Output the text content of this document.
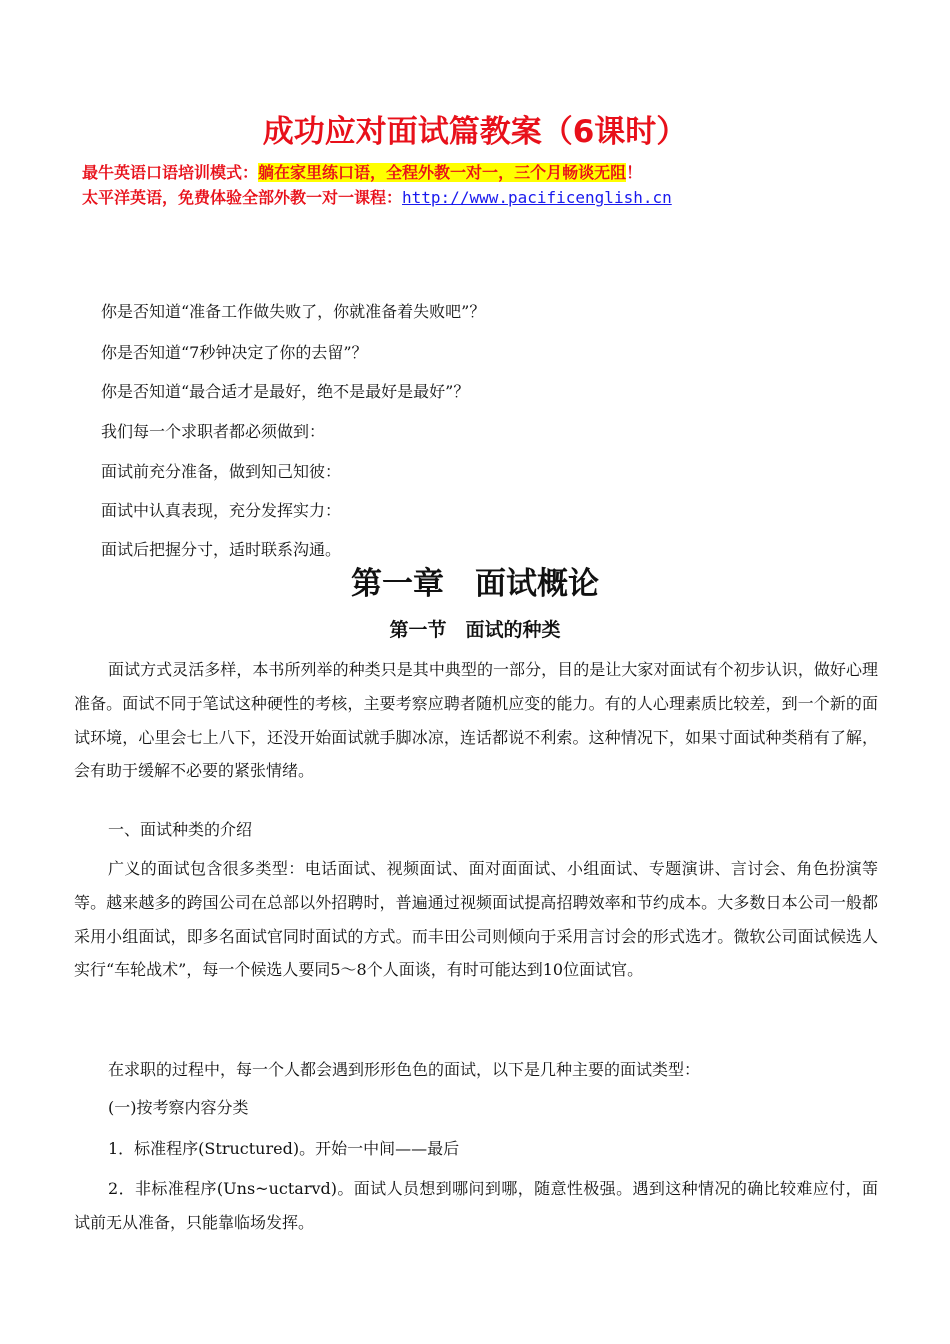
成功应对面试篇教案（6课时）
最牛英语口语培训模式：躺在家里练口语，全程外教一对一，三个月畅谈无阻！
太平洋英语，免费体验全部外教一对一课程：http://www.pacificenglish.cn
你是否知道“准备工作做失败了，你就准备着失败吧”？
你是否知道“7秒钟决定了你的去留”？
你是否知道“最合适才是最好，绝不是最好是最好”？
我们每一个求职者都必须做到：
面试前充分准备，做到知己知彼：
面试中认真表现，充分发挥实力：
面试后把握分寸，适时联系沟通。
第一章　面试概论
第一节　面试的种类

面试方式灵活多样，本书所列举的种类只是其中典型的一部分，目的是让大家对面试有个初步认识，做好心理准备。面试不同于笔试这种硬性的考核，主要考察应聘者随机应变的能力。有的人心理素质比较差，到一个新的面试环境，心里会七上八下，还没开始面试就手脚冰凉，连话都说不利索。这种情况下，如果寸面试种类稍有了解，会有助于缓解不必要的紧张情绪。

一、面试种类的介绍

广义的面试包含很多类型：电话面试、视频面试、面对面面试、小组面试、专题演讲、言讨会、角色扮演等等。越来越多的跨国公司在总部以外招聘时，普遍通过视频面试提高招聘效率和节约成本。大多数日本公司一般都采用小组面试，即多名面试官同时面试的方式。而丰田公司则倾向于采用言讨会的形式选才。微软公司面试候选人实行“车轮战术”，每一个候选人要同5～8个人面谈，有时可能达到10位面试官。

在求职的过程中，每一个人都会遇到形形色色的面试，以下是几种主要的面试类型：
(一)按考察内容分类
1．标准程序(Structured)。开始一中间——最后

2．非标准程序(Uns~uctarvd)。面试人员想到哪问到哪，随意性极强。遇到这种情况的确比较难应付，面试前无从准备，只能靠临场发挥。
